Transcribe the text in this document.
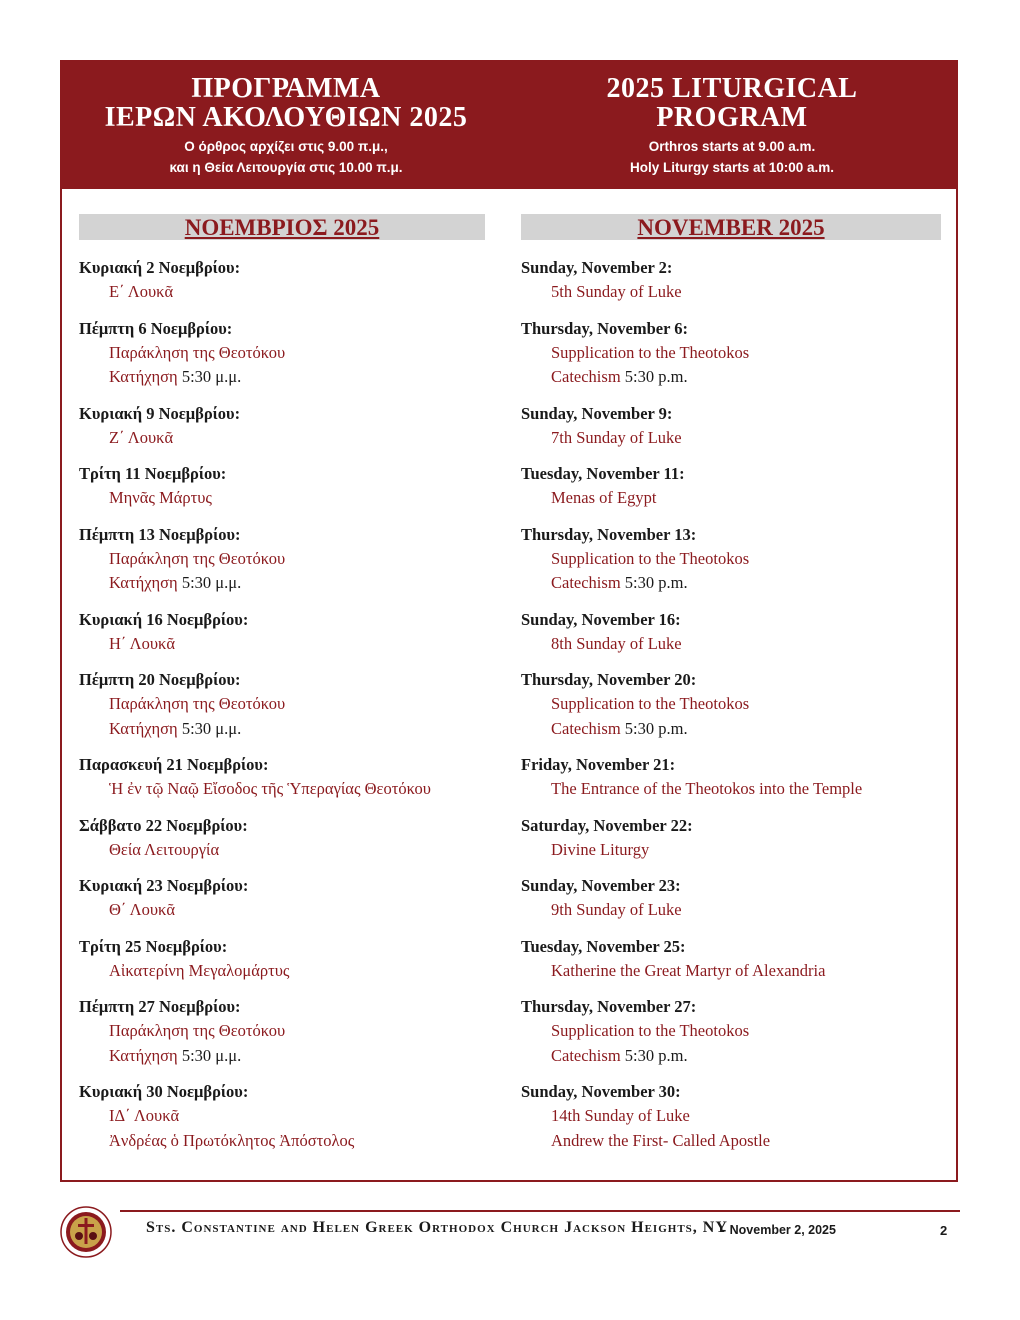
ΠΡΟΓΡΑΜΜΑ
ΙΕΡΩΝ ΑΚΟΛΟΥΘΙΩΝ 2025
Ο όρθρος αρχίζει στις 9.00 π.μ.,
και η Θεία Λειτουργία στις 10.00 π.μ.
2025 LITURGICAL
PROGRAM
Orthros starts at 9.00 a.m.
Holy Liturgy starts at 10:00 a.m.
ΝΟΕΜΒΡΙΟΣ 2025
Κυριακή 2 Νοεμβρίου:
Ε΄ Λουκᾶ
Πέμπτη 6 Νοεμβρίου:
Παράκληση της Θεοτόκου
Κατήχηση 5:30 μ.μ.
Κυριακή 9 Νοεμβρίου:
Ζ΄ Λουκᾶ
Τρίτη 11 Νοεμβρίου:
Μηνᾶς Μάρτυς
Πέμπτη 13 Νοεμβρίου:
Παράκληση της Θεοτόκου
Κατήχηση 5:30 μ.μ.
Κυριακή 16 Νοεμβρίου:
Η΄ Λουκᾶ
Πέμπτη 20 Νοεμβρίου:
Παράκληση της Θεοτόκου
Κατήχηση 5:30 μ.μ.
Παρασκευή 21 Νοεμβρίου:
Ἡ ἐν τῷ Ναῷ Εἴσοδος τῆς Ὑπεραγίας Θεοτόκου
Σάββατο 22 Νοεμβρίου:
Θεία Λειτουργία
Κυριακή 23 Νοεμβρίου:
Θ΄ Λουκᾶ
Τρίτη 25 Νοεμβρίου:
Αἰκατερίνη Μεγαλομάρτυς
Πέμπτη 27 Νοεμβρίου:
Παράκληση της Θεοτόκου
Κατήχηση 5:30 μ.μ.
Κυριακή 30 Νοεμβρίου:
ΙΔ΄ Λουκᾶ
Ἀνδρέας ὁ Πρωτόκλητος Ἀπόστολος
NOVEMBER 2025
Sunday, November 2:
5th Sunday of Luke
Thursday, November 6:
Supplication to the Theotokos
Catechism 5:30 p.m.
Sunday, November 9:
7th Sunday of Luke
Tuesday, November 11:
Menas of Egypt
Thursday, November 13:
Supplication to the Theotokos
Catechism 5:30 p.m.
Sunday, November 16:
8th Sunday of Luke
Thursday, November 20:
Supplication to the Theotokos
Catechism 5:30 p.m.
Friday, November 21:
The Entrance of the Theotokos into the Temple
Saturday, November 22:
Divine Liturgy
Sunday, November 23:
9th Sunday of Luke
Tuesday, November 25:
Katherine the Great Martyr of Alexandria
Thursday, November 27:
Supplication to the Theotokos
Catechism 5:30 p.m.
Sunday, November 30:
14th Sunday of Luke
Andrew the First- Called Apostle
Sts. Constantine and Helen Greek Orthodox Church Jackson Heights, NY
- November 2, 2025	2
